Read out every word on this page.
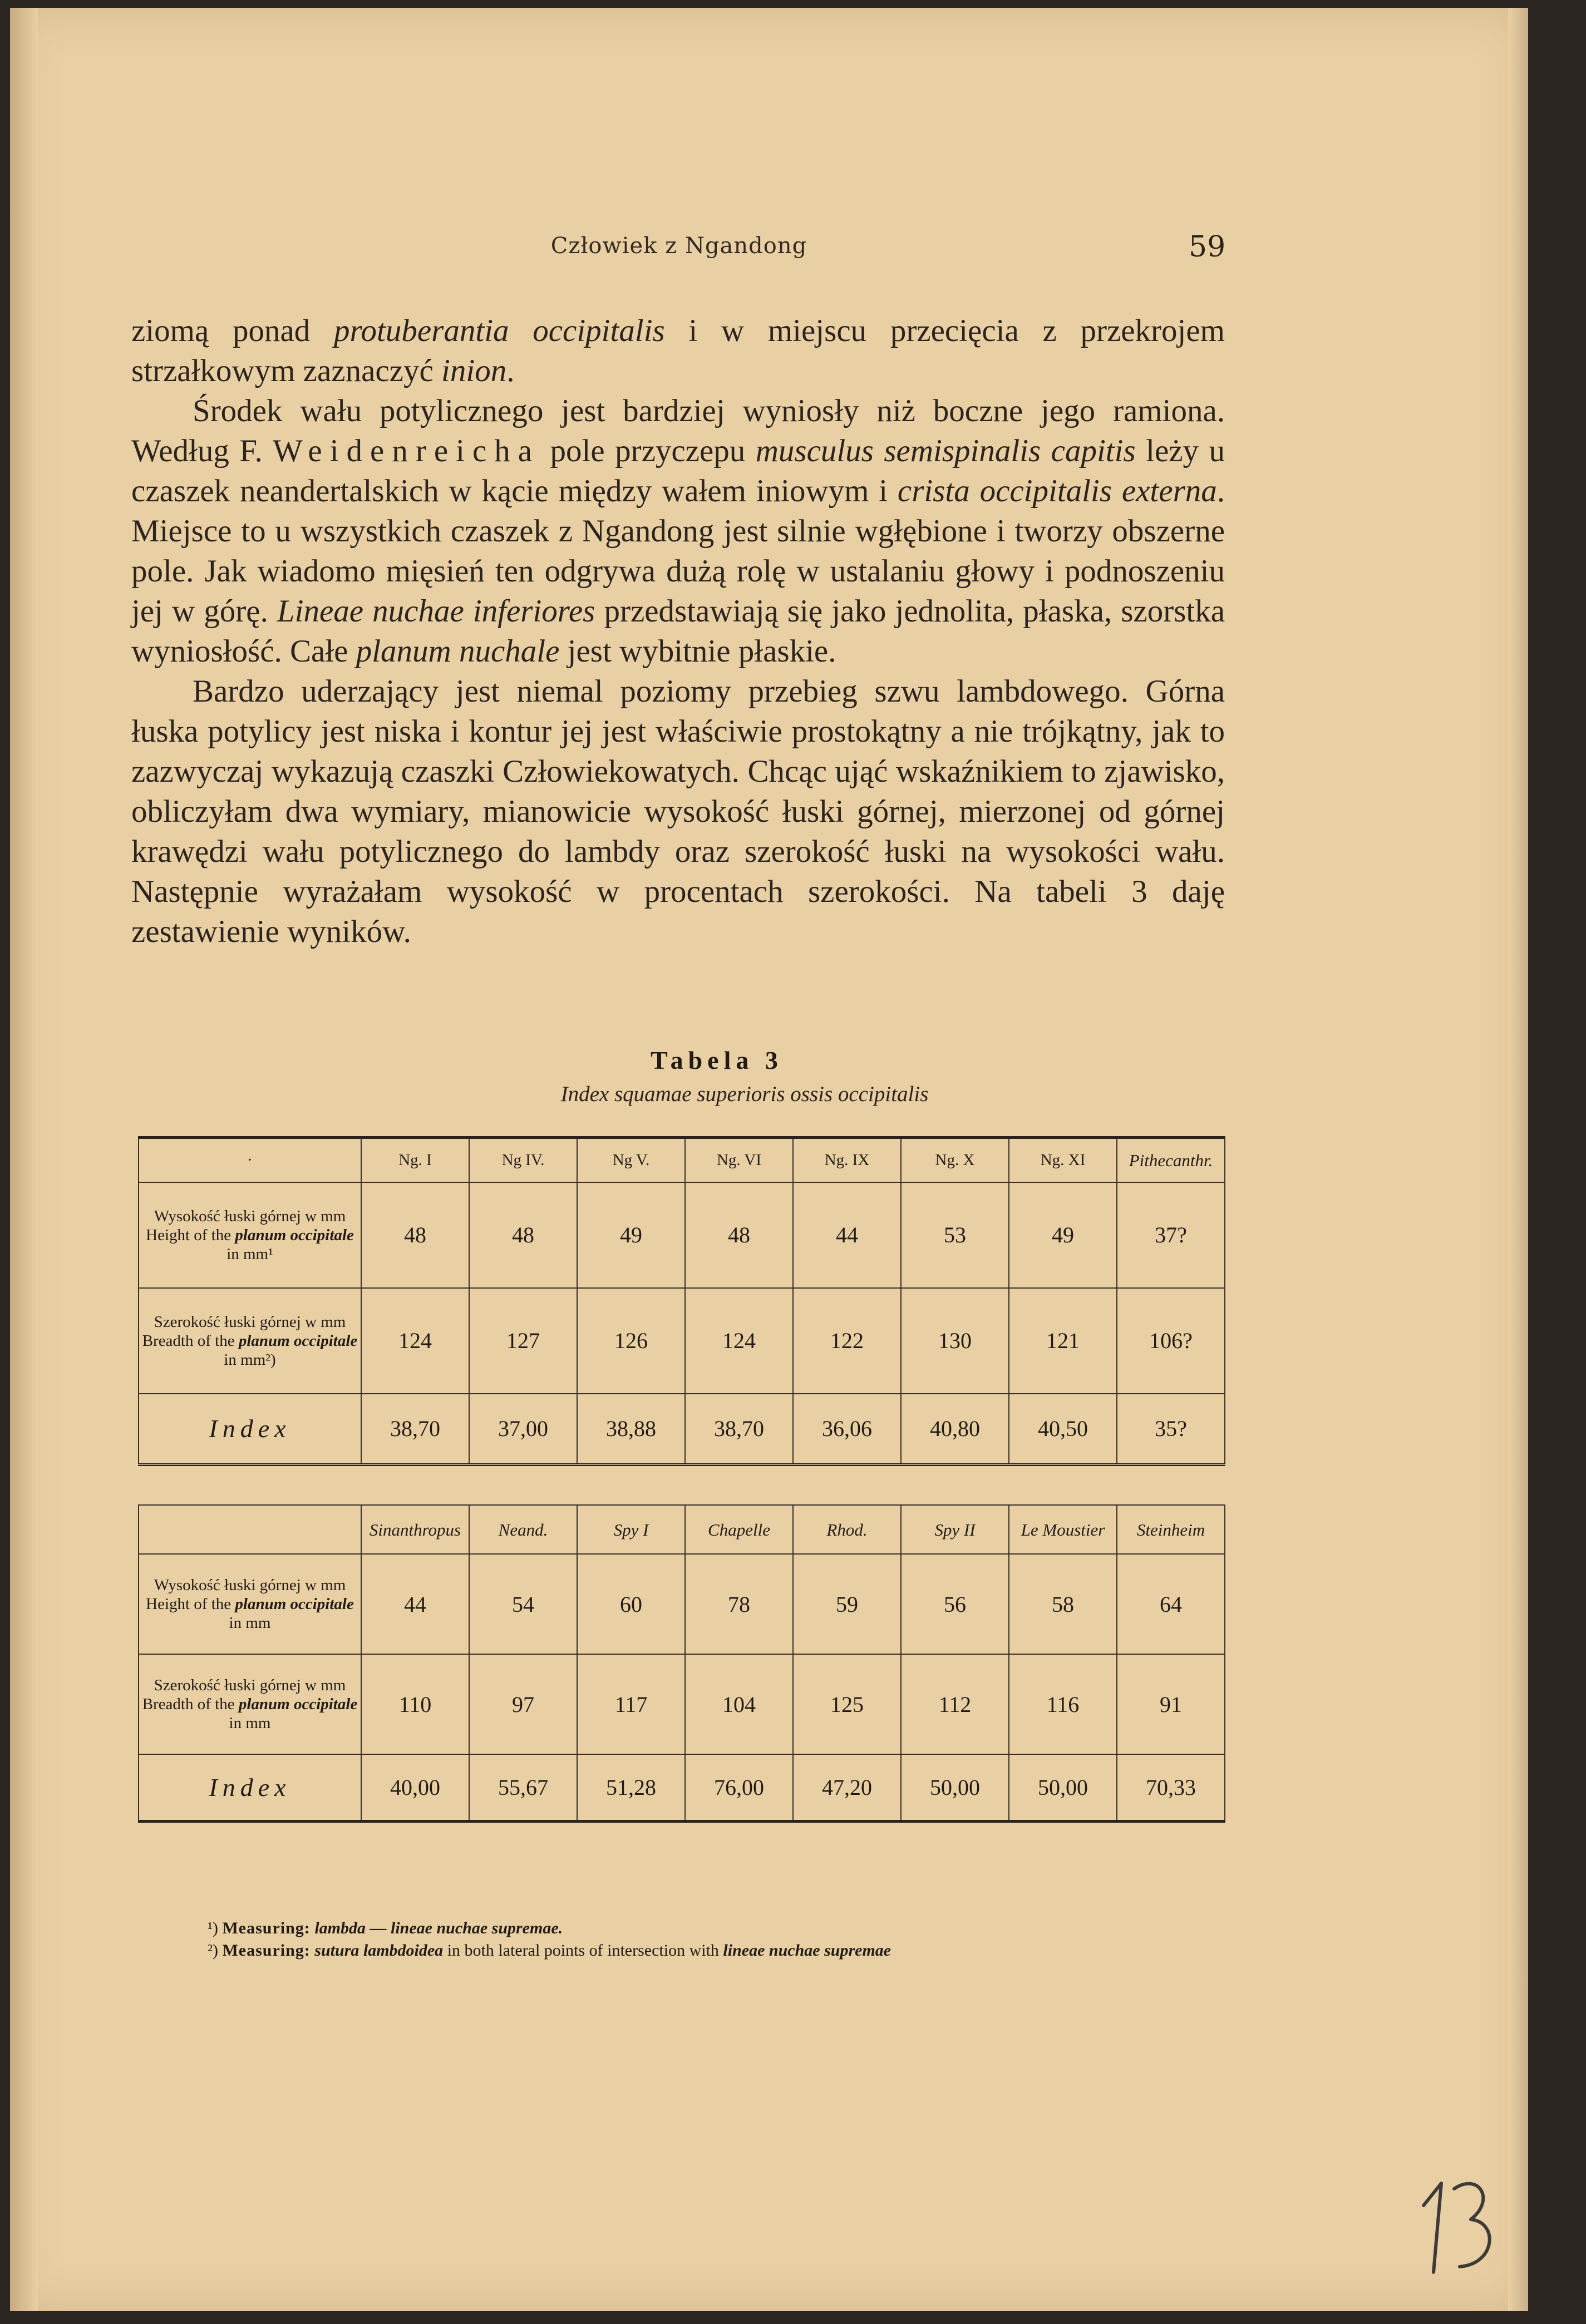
Człowiek z Ngandong	59

ziomą ponad protuberantia occipitalis i w miejscu przecięcia z przekrojem strzałkowym zaznaczyć inion.

Środek wału potylicznego jest bardziej wyniosły niż boczne jego ramiona. Według F. Weidenreicha pole przyczepu musculus semispinalis capitis leży u czaszek neandertalskich w kącie między wałem iniowym i crista occipitalis externa. Miejsce to u wszystkich czaszek z Ngandong jest silnie wgłębione i tworzy obszerne pole. Jak wiadomo mięsień ten odgrywa dużą rolę w ustalaniu głowy i podnoszeniu jej w górę. Lineae nuchae inferiores przedstawiają się jako jednolita, płaska, szorstka wyniosłość. Całe planum nuchale jest wybitnie płaskie.

Bardzo uderzający jest niemal poziomy przebieg szwu lambdowego. Górna łuska potylicy jest niska i kontur jej jest właściwie prostokątny a nie trójkątny, jak to zazwyczaj wykazują czaszki Człowiekowatych. Chcąc ująć wskaźnikiem to zjawisko, obliczyłam dwa wymiary, mianowicie wysokość łuski górnej, mierzonej od górnej krawędzi wału potylicznego do lambdy oraz szerokość łuski na wysokości wału. Następnie wyrażałam wysokość w procentach szerokości. Na tabeli 3 daję zestawienie wyników.

Tabela 3
Index squamae superioris ossis occipitalis
·	Ng. I	Ng IV.	Ng V.	Ng. VI	Ng. IX	Ng. X	Ng. XI	Pithecanthr.

Wysokość łuski górnej w mm
Height of the planum occipitale in mm¹	48	48	49	48	44	53	49	37?

Szerokość łuski górnej w mm
Breadth of the planum occipitale in mm²)	124	127	126	124	122	130	121	106?
Index	38,70	37,00	38,88	38,70	36,06	40,80	40,50	35?
	Sinanthropus	Neand.	Spy I	Chapelle	Rhod.	Spy II	Le Moustier	Steinheim

Wysokość łuski górnej w mm
Height of the planum occipitale in mm	44	54	60	78	59	56	58	64

Szerokość łuski górnej w mm
Breadth of the planum occipitale in mm	110	97	117	104	125	112	116	91
Index	40,00	55,67	51,28	76,00	47,20	50,00	50,00	70,33
¹) Measuring: lambda — lineae nuchae supremae.
²) Measuring: sutura lambdoidea in both lateral points of intersection with lineae nuchae supremae
